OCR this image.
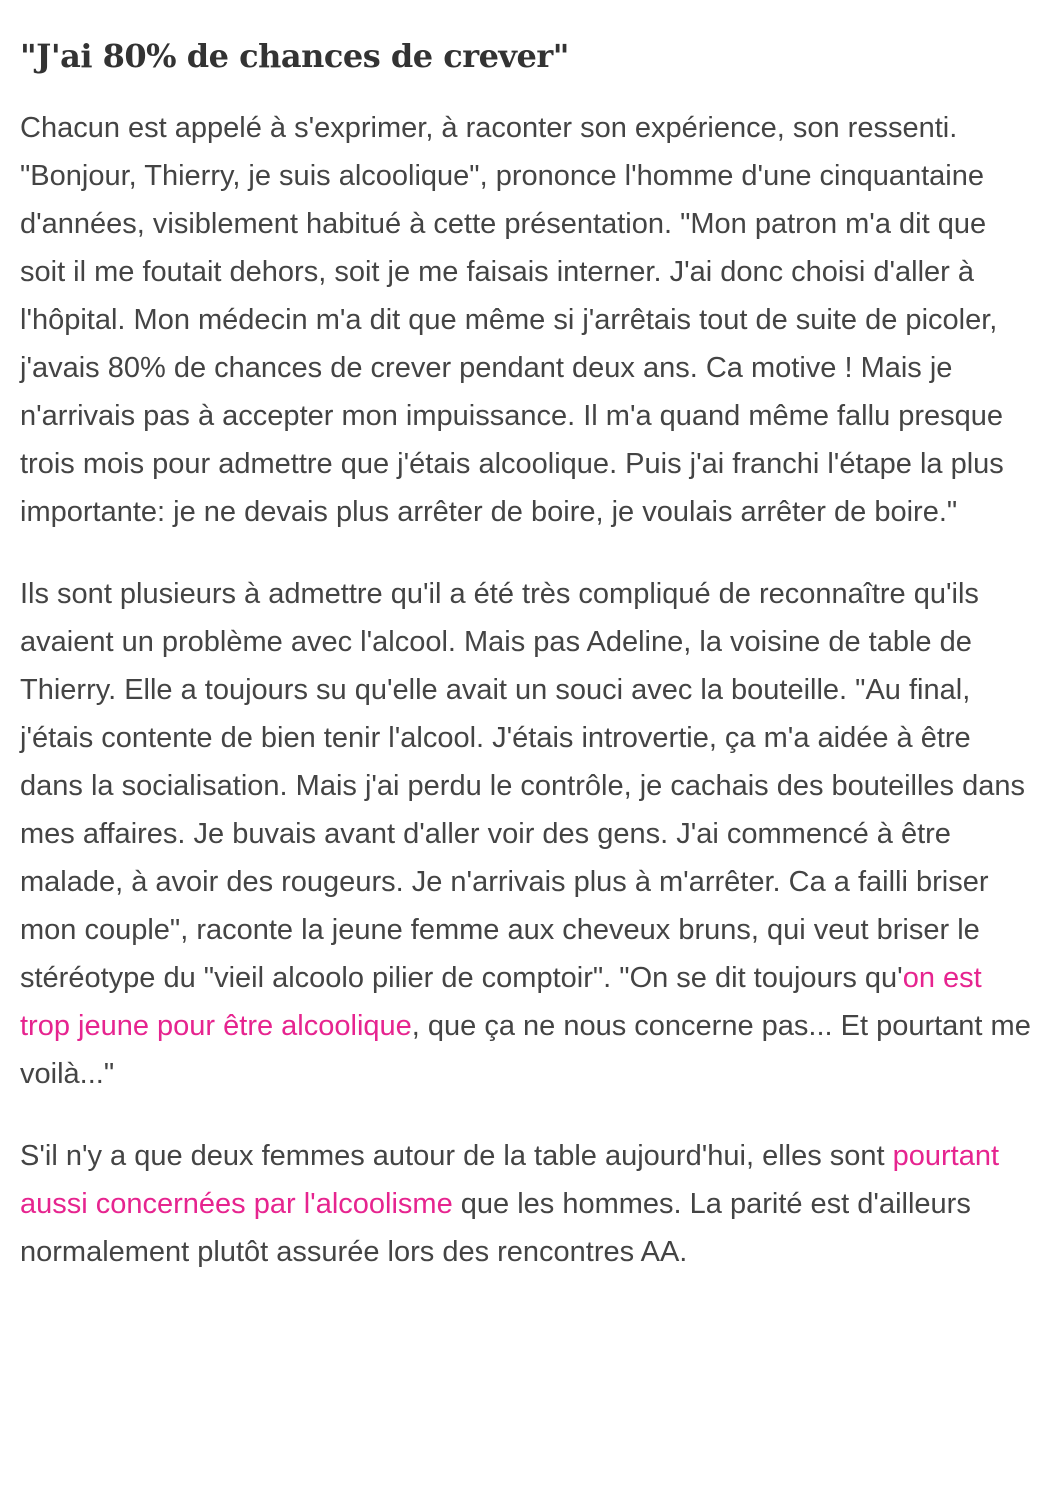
"J'ai 80% de chances de crever"

Chacun est appelé à s'exprimer, à raconter son expérience, son ressenti. "Bonjour, Thierry, je suis alcoolique", prononce l'homme d'une cinquantaine d'années, visiblement habitué à cette présentation. "Mon patron m'a dit que soit il me foutait dehors, soit je me faisais interner. J'ai donc choisi d'aller à l'hôpital. Mon médecin m'a dit que même si j'arrêtais tout de suite de picoler, j'avais 80% de chances de crever pendant deux ans. Ca motive ! Mais je n'arrivais pas à accepter mon impuissance. Il m'a quand même fallu presque trois mois pour admettre que j'étais alcoolique. Puis j'ai franchi l'étape la plus importante: je ne devais plus arrêter de boire, je voulais arrêter de boire."

Ils sont plusieurs à admettre qu'il a été très compliqué de reconnaître qu'ils avaient un problème avec l'alcool. Mais pas Adeline, la voisine de table de Thierry. Elle a toujours su qu'elle avait un souci avec la bouteille. "Au final, j'étais contente de bien tenir l'alcool. J'étais introvertie, ça m'a aidée à être dans la socialisation. Mais j'ai perdu le contrôle, je cachais des bouteilles dans mes affaires. Je buvais avant d'aller voir des gens. J'ai commencé à être malade, à avoir des rougeurs. Je n'arrivais plus à m'arrêter. Ca a failli briser mon couple", raconte la jeune femme aux cheveux bruns, qui veut briser le stéréotype du "vieil alcoolo pilier de comptoir". "On se dit toujours qu'on est trop jeune pour être alcoolique, que ça ne nous concerne pas... Et pourtant me voilà..."

S'il n'y a que deux femmes autour de la table aujourd'hui, elles sont pourtant aussi concernées par l'alcoolisme que les hommes. La parité est d'ailleurs normalement plutôt assurée lors des rencontres AA.
